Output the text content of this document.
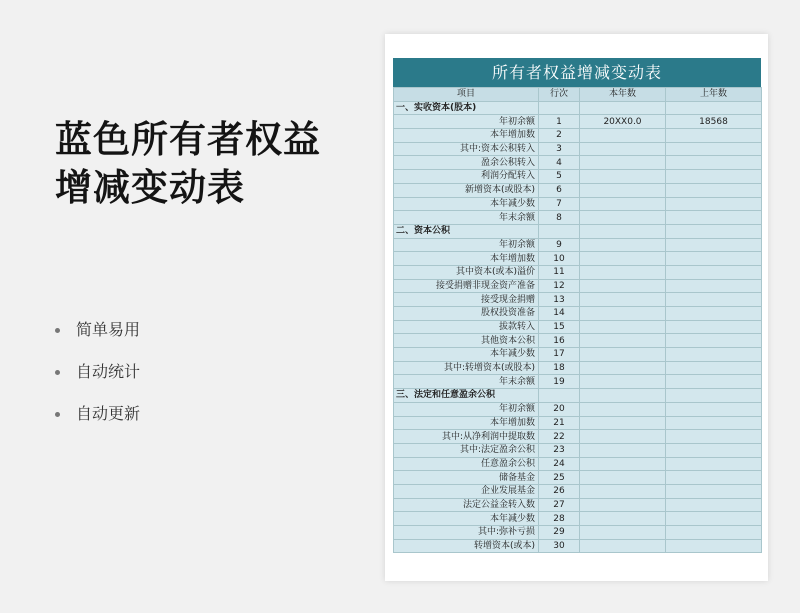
蓝色所有者权益
增减变动表
简单易用
自动统计
自动更新
所有者权益增减变动表
项目	行次	本年数	上年数
一、实收资本(股本)			
年初余额	1	20XX0.0	18568
本年增加数	2		
其中:资本公积转入	3		
盈余公积转入	4		
利润分配转入	5		
新增资本(或股本)	6		
本年减少数	7		
年末余额	8		
二、资本公积			
年初余额	9		
本年增加数	10		
其中资本(或本)溢价	11		
接受捐赠非现金资产准备	12		
接受现金捐赠	13		
股权投资准备	14		
拔款转入	15		
其他资本公积	16		
本年减少数	17		
其中:转增资本(或股本)	18		
年末余额	19		
三、法定和任意盈余公积			
年初余额	20		
本年增加数	21		
其中:从净利润中提取数	22		
其中:法定盈余公积	23		
任意盈余公积	24		
储备基金	25		
企业发展基金	26		
法定公益金转入数	27		
本年减少数	28		
其中:弥补亏损	29		
转增资本(或本)	30		
